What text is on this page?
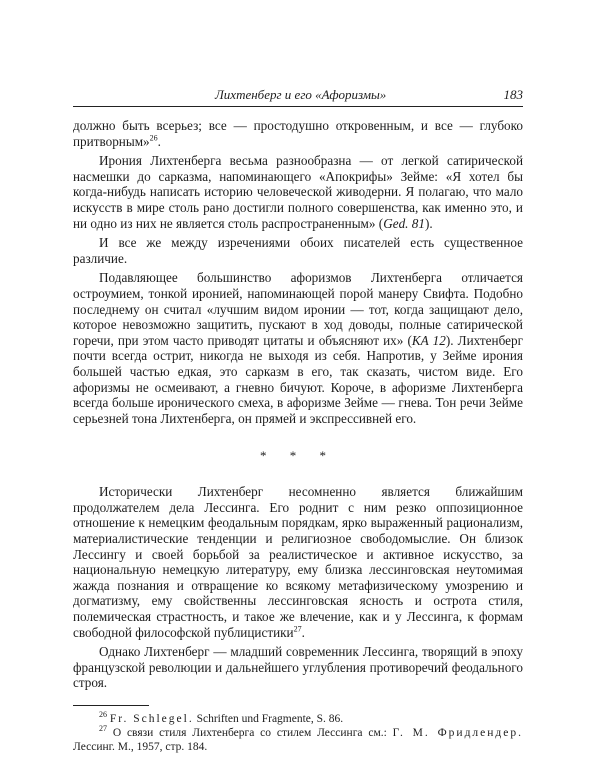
Лихтенберг и его «Афоризмы»	183

должно быть всерьез; все — простодушно откровенным, и все — глубоко притворным»$^{26}$.

Ирония Лихтенберга весьма разнообразна — от легкой сатирической насмешки до сарказма, напоминающего «Апокрифы» Зейме: «Я хотел бы когда-нибудь написать историю человеческой живодерни. Я полагаю, что мало искусств в мире столь рано достигли полного совершенства, как именно это, и ни одно из них не является столь распространенным» (Ged. 81).

И все же между изречениями обоих писателей есть существенное различие.

Подавляющее большинство афоризмов Лихтенберга отличается остроумием, тонкой иронией, напоминающей порой манеру Свифта. Подобно последнему он считал «лучшим видом иронии — тот, когда защищают дело, которое невозможно защитить, пускают в ход доводы, полные сатирической горечи, при этом часто приводят цитаты и объясняют их» (KA 12). Лихтенберг почти всегда острит, никогда не выходя из себя. Напротив, у Зейме ирония большей частью едкая, это сарказм в его, так сказать, чистом виде. Его афоризмы не осмеивают, а гневно бичуют. Короче, в афоризме Лихтенберга всегда больше иронического смеха, в афоризме Зейме — гнева. Тон речи Зейме серьезней тона Лихтенберга, он прямей и экспрессивней его.

* * *

Исторически Лихтенберг несомненно является ближайшим продолжателем дела Лессинга. Его роднит с ним резко оппозиционное отношение к немецким феодальным порядкам, ярко выраженный рационализм, материалистические тенденции и религиозное свободомыслие. Он близок Лессингу и своей борьбой за реалистическое и активное искусство, за национальную немецкую литературу, ему близка лессинговская неутомимая жажда познания и отвращение ко всякому метафизическому умозрению и догматизму, ему свойственны лессинговская ясность и острота стиля, полемическая страстность, и такое же влечение, как и у Лессинга, к формам свободной философской публицистики$^{27}$.

Однако Лихтенберг — младший современник Лессинга, творящий в эпоху французской революции и дальнейшего углубления противоречий феодального строя.

$^{26}$ Fr. Schlegel. Schriften und Fragmente, S. 86.

$^{27}$ О связи стиля Лихтенберга со стилем Лессинга см.: Г. М. Фридлендер. Лессинг. М., 1957, стр. 184.
